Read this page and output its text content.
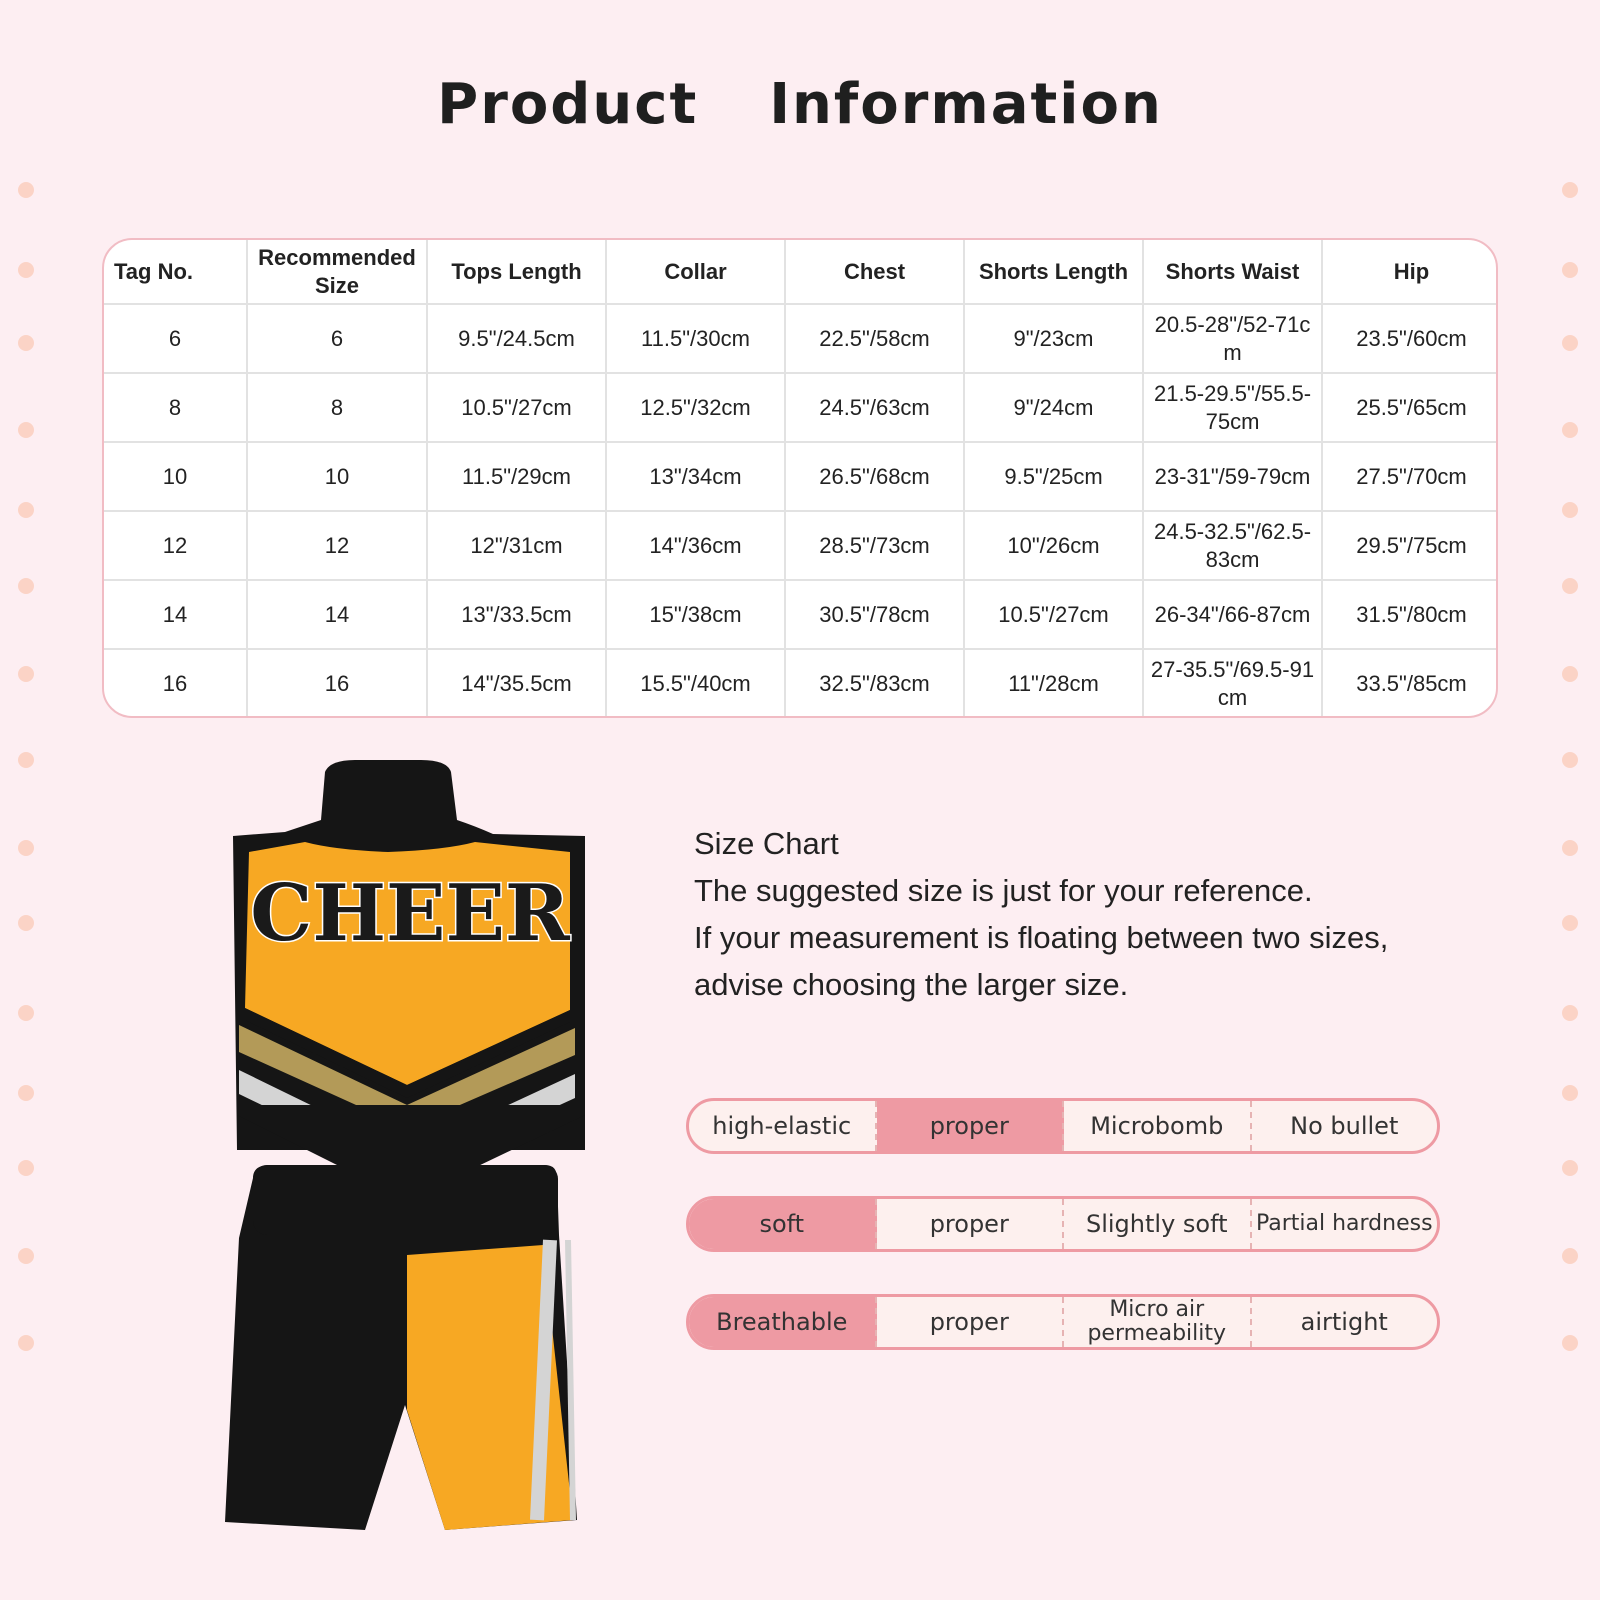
Product  Information
Tag No.	Recommended Size	Tops Length	Collar	Chest	Shorts Length	Shorts Waist	Hip
6	6	9.5"/24.5cm	11.5"/30cm	22.5"/58cm	9"/23cm	20.5-28"/52-71cm	23.5"/60cm
8	8	10.5"/27cm	12.5"/32cm	24.5"/63cm	9"/24cm	21.5-29.5"/55.5-75cm	25.5"/65cm
10	10	11.5"/29cm	13"/34cm	26.5"/68cm	9.5"/25cm	23-31"/59-79cm	27.5"/70cm
12	12	12"/31cm	14"/36cm	28.5"/73cm	10"/26cm	24.5-32.5"/62.5-83cm	29.5"/75cm
14	14	13"/33.5cm	15"/38cm	30.5"/78cm	10.5"/27cm	26-34"/66-87cm	31.5"/80cm
16	16	14"/35.5cm	15.5"/40cm	32.5"/83cm	11"/28cm	27-35.5"/69.5-91cm	33.5"/85cm
CHEER
Size Chart
The suggested size is just for your reference.
If your measurement is floating between two sizes,
advise choosing the larger size.
high-elastic	proper	Microbomb	No bullet
soft	proper	Slightly soft	Partial hardness
Breathable	proper	Micro air permeability	airtight
